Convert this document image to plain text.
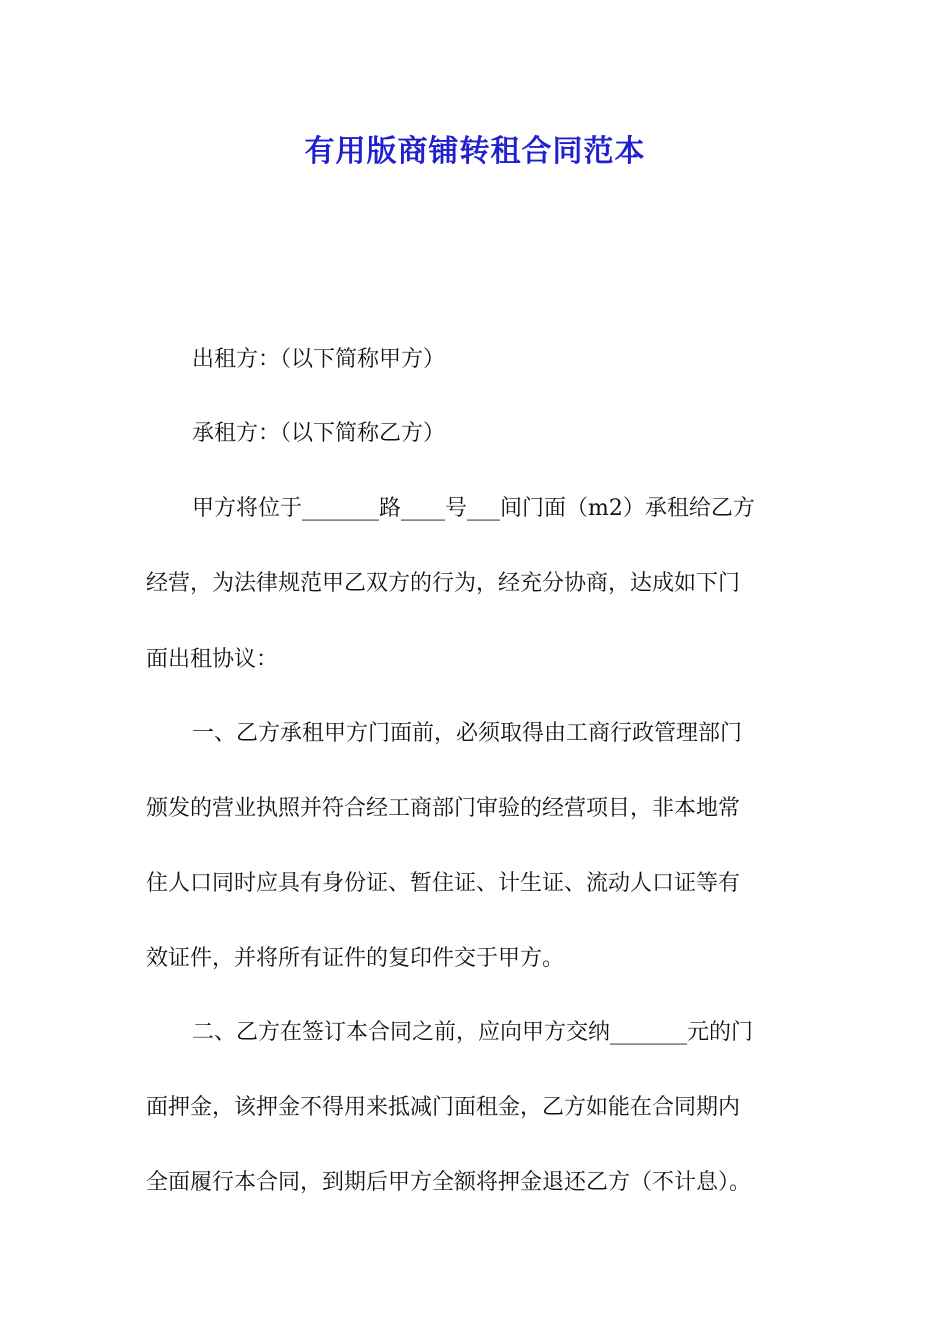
有用版商铺转租合同范本

出租方：（以下简称甲方）

承租方：（以下简称乙方）

甲方将位于_______路____号___间门面（m2）承租给乙方

经营，为法律规范甲乙双方的行为，经充分协商，达成如下门

面出租协议：

一、乙方承租甲方门面前，必须取得由工商行政管理部门

颁发的营业执照并符合经工商部门审验的经营项目，非本地常

住人口同时应具有身份证、暂住证、计生证、流动人口证等有

效证件，并将所有证件的复印件交于甲方。

二、乙方在签订本合同之前，应向甲方交纳_______元的门

面押金，该押金不得用来抵减门面租金，乙方如能在合同期内

全面履行本合同，到期后甲方全额将押金退还乙方（不计息）。
